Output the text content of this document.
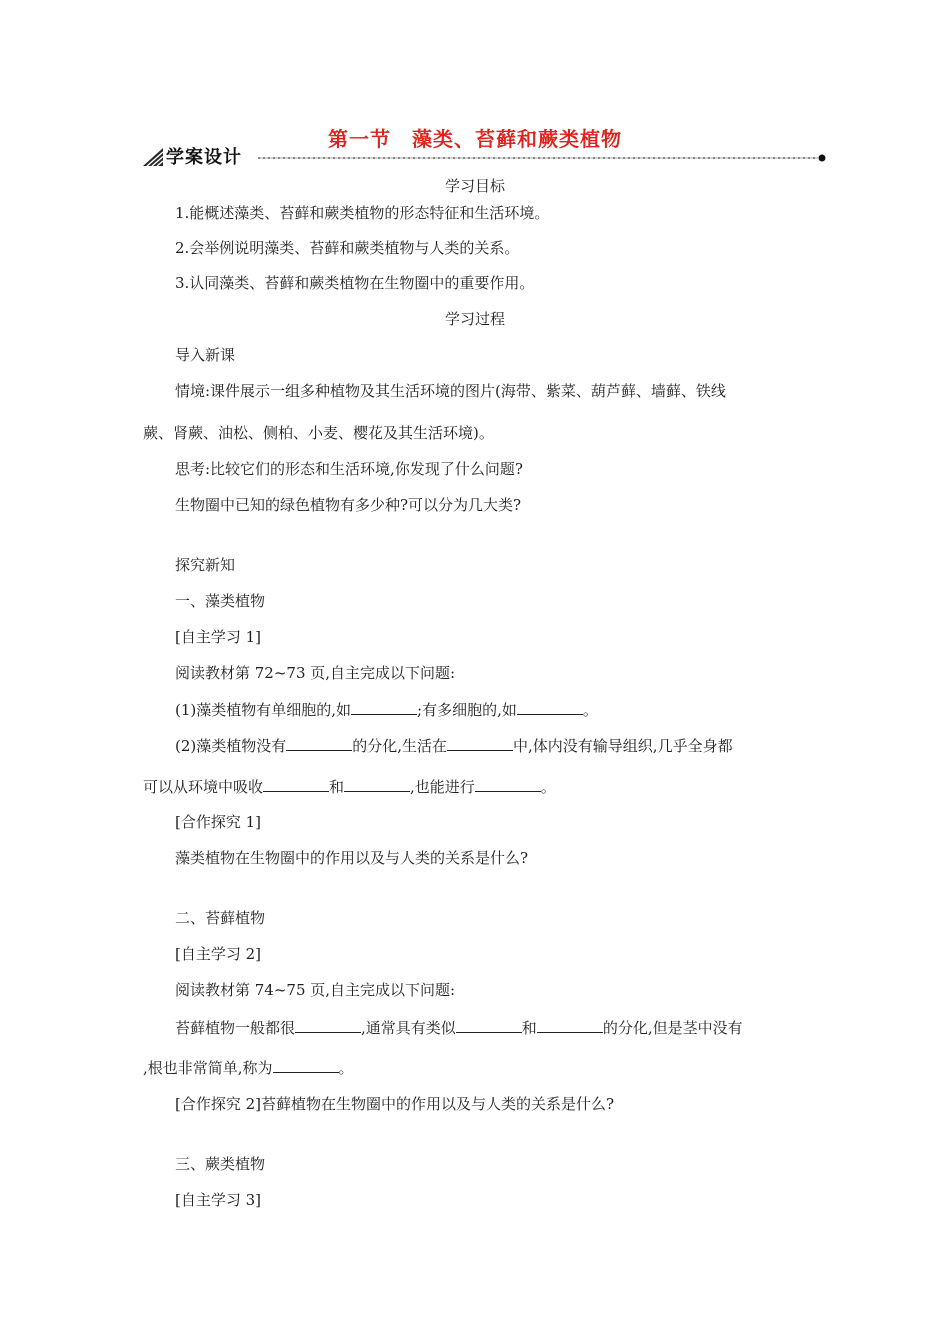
第一节　藻类、苔藓和蕨类植物
学案设计
学习目标
1.能概述藻类、苔藓和蕨类植物的形态特征和生活环境。
2.会举例说明藻类、苔藓和蕨类植物与人类的关系。
3.认同藻类、苔藓和蕨类植物在生物圈中的重要作用。
学习过程
导入新课
情境:课件展示一组多种植物及其生活环境的图片(海带、紫菜、葫芦藓、墙藓、铁线
蕨、肾蕨、油松、侧柏、小麦、樱花及其生活环境)。
思考:比较它们的形态和生活环境,你发现了什么问题?
生物圈中已知的绿色植物有多少种?可以分为几大类?
探究新知
一、藻类植物
[自主学习 1]
阅读教材第 72~73 页,自主完成以下问题:
(1)藻类植物有单细胞的,如	;有多细胞的,如	。
(2)藻类植物没有	的分化,生活在	中,体内没有输导组织,几乎全身都
可以从环境中吸收	和	,也能进行	。
[合作探究 1]
藻类植物在生物圈中的作用以及与人类的关系是什么?
二、苔藓植物
[自主学习 2]
阅读教材第 74~75 页,自主完成以下问题:
苔藓植物一般都很	,通常具有类似	和	的分化,但是茎中没有
,根也非常简单,称为	。
[合作探究 2]苔藓植物在生物圈中的作用以及与人类的关系是什么?
三、蕨类植物
[自主学习 3]
